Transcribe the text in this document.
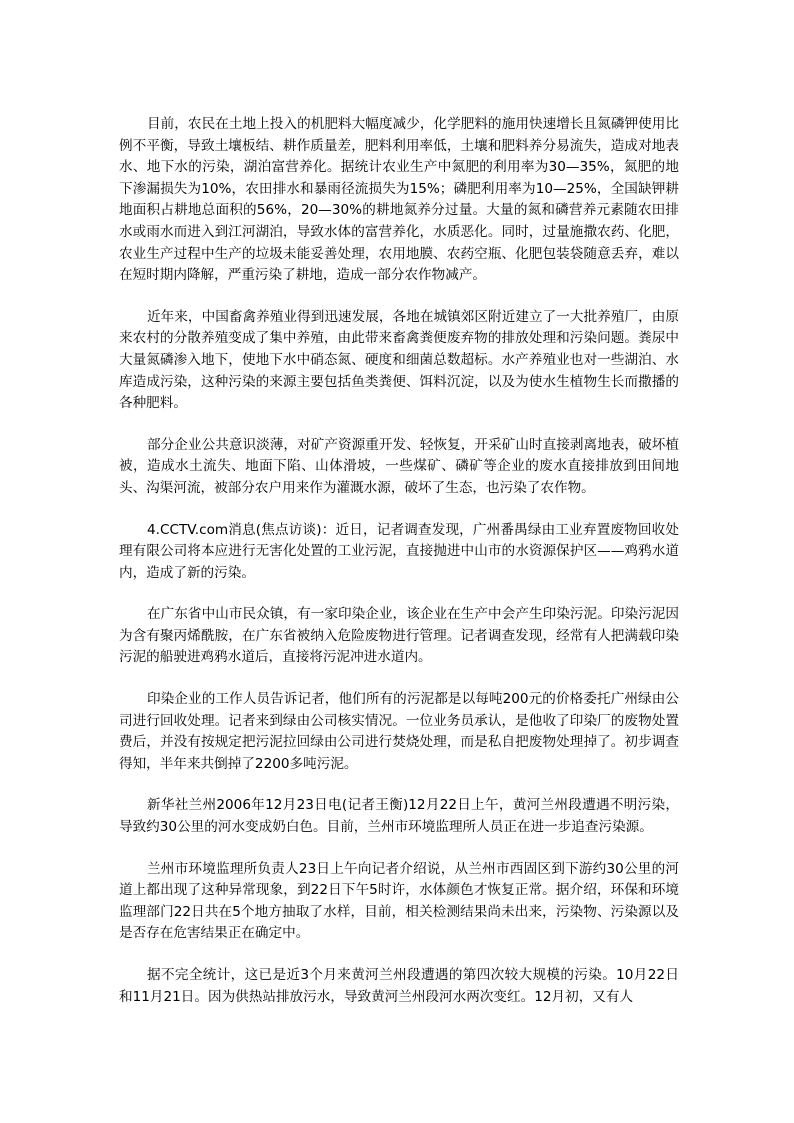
目前，农民在土地上投入的机肥料大幅度减少，化学肥料的施用快速增长且氮磷钾使用比例不平衡，导致土壤板结、耕作质量差，肥料利用率低，土壤和肥料养分易流失，造成对地表水、地下水的污染，湖泊富营养化。据统计农业生产中氮肥的利用率为30—35%，氮肥的地下渗漏损失为10%，农田排水和暴雨径流损失为15%；磷肥利用率为10—25%，全国缺钾耕地面积占耕地总面积的56%，20—30%的耕地氮养分过量。大量的氮和磷营养元素随农田排水或雨水而进入到江河湖泊，导致水体的富营养化，水质恶化。同时，过量施撒农药、化肥，农业生产过程中生产的垃圾未能妥善处理，农用地膜、农药空瓶、化肥包装袋随意丢弃，难以在短时期内降解，严重污染了耕地，造成一部分农作物减产。

近年来，中国畜禽养殖业得到迅速发展，各地在城镇郊区附近建立了一大批养殖厂，由原来农村的分散养殖变成了集中养殖，由此带来畜禽粪便废弃物的排放处理和污染问题。粪尿中大量氮磷渗入地下，使地下水中硝态氮、硬度和细菌总数超标。水产养殖业也对一些湖泊、水库造成污染，这种污染的来源主要包括鱼类粪便、饵料沉淀，以及为使水生植物生长而撒播的各种肥料。

部分企业公共意识淡薄，对矿产资源重开发、轻恢复，开采矿山时直接剥离地表，破坏植被，造成水土流失、地面下陷、山体滑坡，一些煤矿、磷矿等企业的废水直接排放到田间地头、沟渠河流，被部分农户用来作为灌溉水源，破坏了生态，也污染了农作物。

4.CCTV.com消息(焦点访谈)：近日，记者调查发现，广州番禺绿由工业弃置废物回收处理有限公司将本应进行无害化处置的工业污泥，直接抛进中山市的水资源保护区——鸡鸦水道内，造成了新的污染。

在广东省中山市民众镇，有一家印染企业，该企业在生产中会产生印染污泥。印染污泥因为含有聚丙烯酰胺，在广东省被纳入危险废物进行管理。记者调查发现，经常有人把满载印染污泥的船驶进鸡鸦水道后，直接将污泥冲进水道内。

印染企业的工作人员告诉记者，他们所有的污泥都是以每吨200元的价格委托广州绿由公司进行回收处理。记者来到绿由公司核实情况。一位业务员承认，是他收了印染厂的废物处置费后，并没有按规定把污泥拉回绿由公司进行焚烧处理，而是私自把废物处理掉了。初步调查得知，半年来共倒掉了2200多吨污泥。

新华社兰州2006年12月23日电(记者王衡)12月22日上午，黄河兰州段遭遇不明污染，导致约30公里的河水变成奶白色。目前，兰州市环境监理所人员正在进一步追查污染源。

兰州市环境监理所负责人23日上午向记者介绍说，从兰州市西固区到下游约30公里的河道上都出现了这种异常现象，到22日下午5时许，水体颜色才恢复正常。据介绍，环保和环境监理部门22日共在5个地方抽取了水样，目前，相关检测结果尚未出来，污染物、污染源以及是否存在危害结果正在确定中。

据不完全统计，这已是近3个月来黄河兰州段遭遇的第四次较大规模的污染。10月22日和11月21日。因为供热站排放污水，导致黄河兰州段河水两次变红。12月初，又有人
